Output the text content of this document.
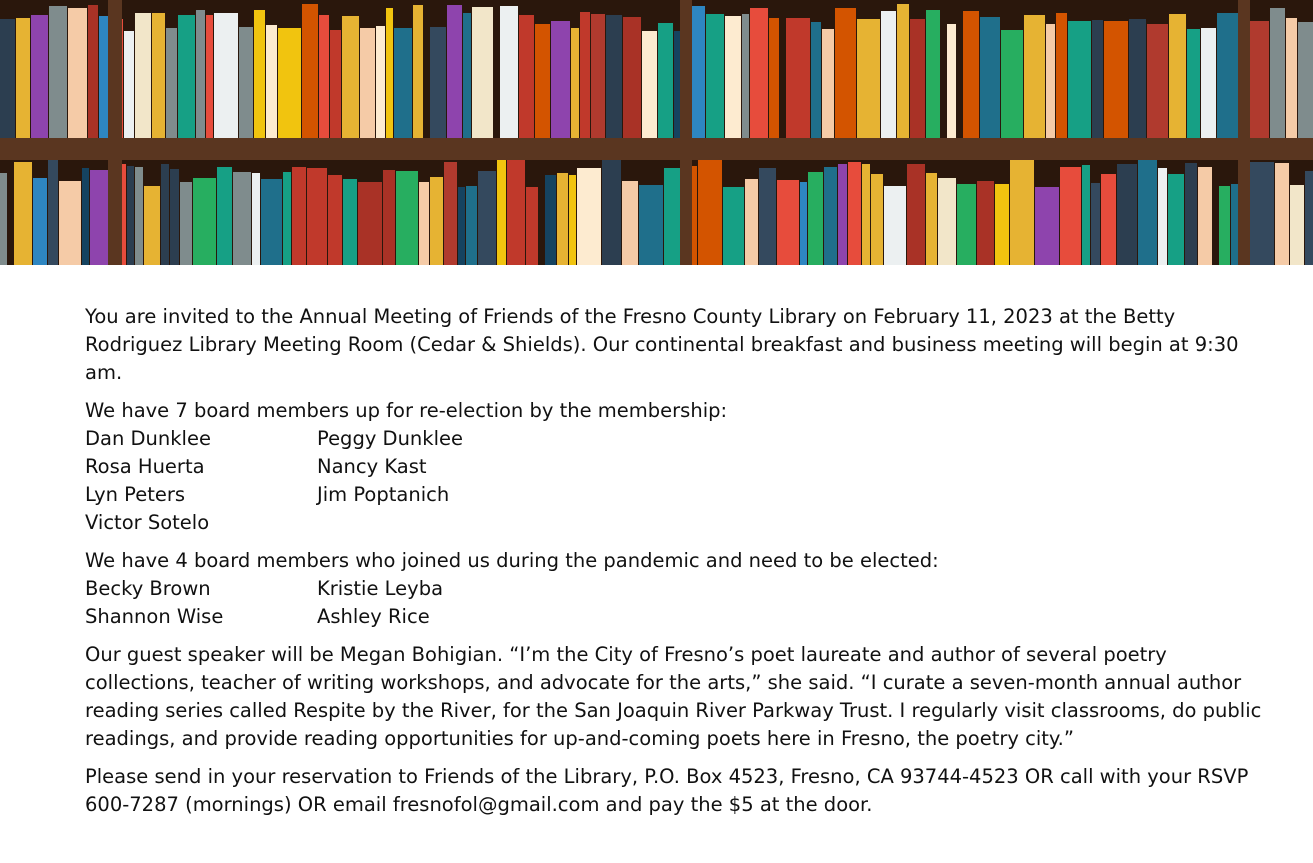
You are invited to the Annual Meeting of Friends of the Fresno County Library on February 11, 2023 at the Betty Rodriguez Library Meeting Room (Cedar & Shields). Our continental breakfast and business meeting will begin at 9:30 am.

We have 7 board members up for re-election by the membership:

Dan Dunklee	Peggy Dunklee
Rosa Huerta	Nancy Kast
Lyn Peters	Jim Poptanich
Victor Sotelo

We have 4 board members who joined us during the pandemic and need to be elected:

Becky Brown	Kristie Leyba
Shannon Wise	Ashley Rice

Our guest speaker will be Megan Bohigian. “I’m the City of Fresno’s poet laureate and author of several poetry collections, teacher of writing workshops, and advocate for the arts,” she said. “I curate a seven-month annual author reading series called Respite by the River, for the San Joaquin River Parkway Trust. I regularly visit classrooms, do public readings, and provide reading opportunities for up-and-coming poets here in Fresno, the poetry city.”

Please send in your reservation to Friends of the Library, P.O. Box 4523, Fresno, CA 93744-4523 OR call with your RSVP 600-7287 (mornings) OR email fresnofol@gmail.com and pay the $5 at the door.
